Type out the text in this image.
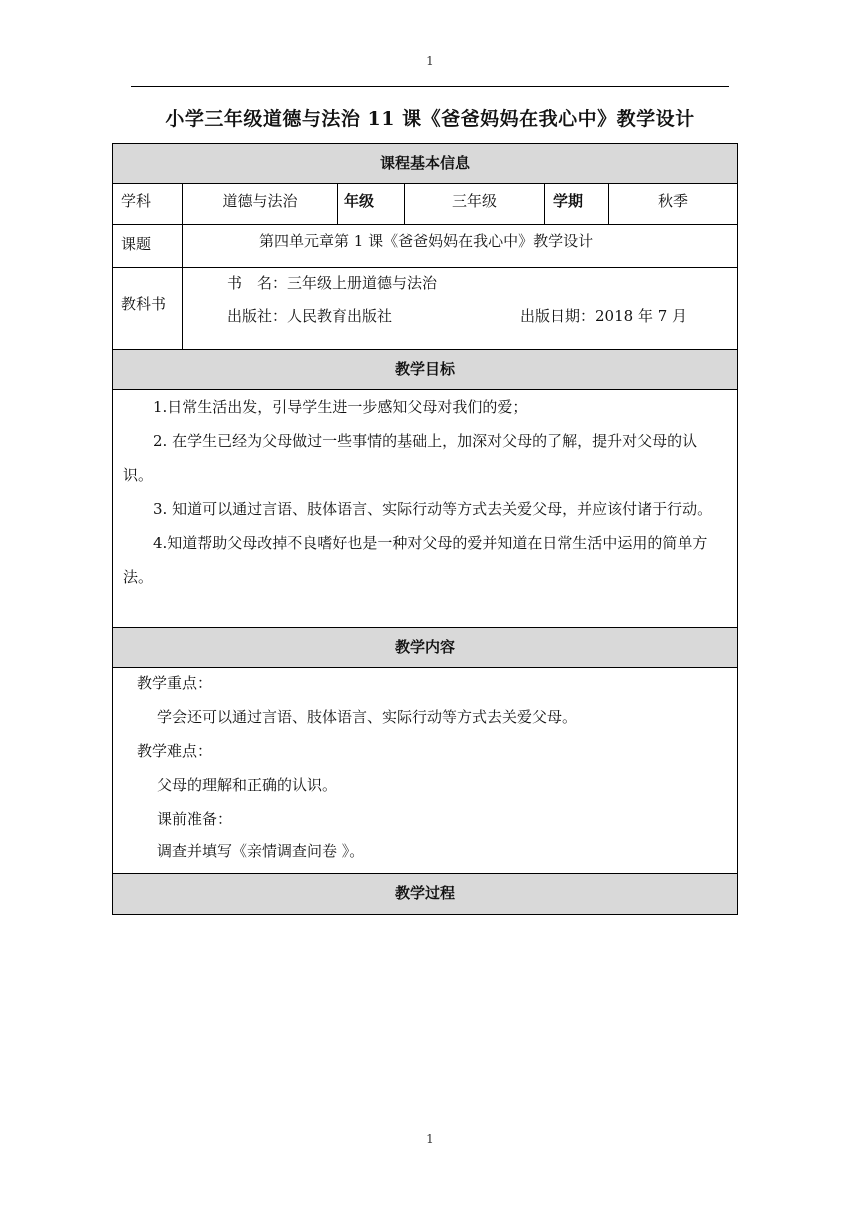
1
小学三年级道德与法治 11 课《爸爸妈妈在我心中》教学设计
课程基本信息
学科	道德与法治	年级	三年级	学期	秋季
课题	第四单元章第 1 课《爸爸妈妈在我心中》教学设计
教科书
书　名：三年级上册道德与法治
出版社：人民教育出版社	出版日期：2018 年 7 月
教学目标

1.日常生活出发，引导学生进一步感知父母对我们的爱；

2. 在学生已经为父母做过一些事情的基础上，加深对父母的了解，提升对父母的认识。

3. 知道可以通过言语、肢体语言、实际行动等方式去关爱父母，并应该付诸于行动。

4.知道帮助父母改掉不良嗜好也是一种对父母的爱并知道在日常生活中运用的简单方法。

教学内容
教学重点：
学会还可以通过言语、肢体语言、实际行动等方式去关爱父母。
教学难点：
父母的理解和正确的认识。
课前准备：
调查并填写《亲情调查问卷 》。
教学过程
1
